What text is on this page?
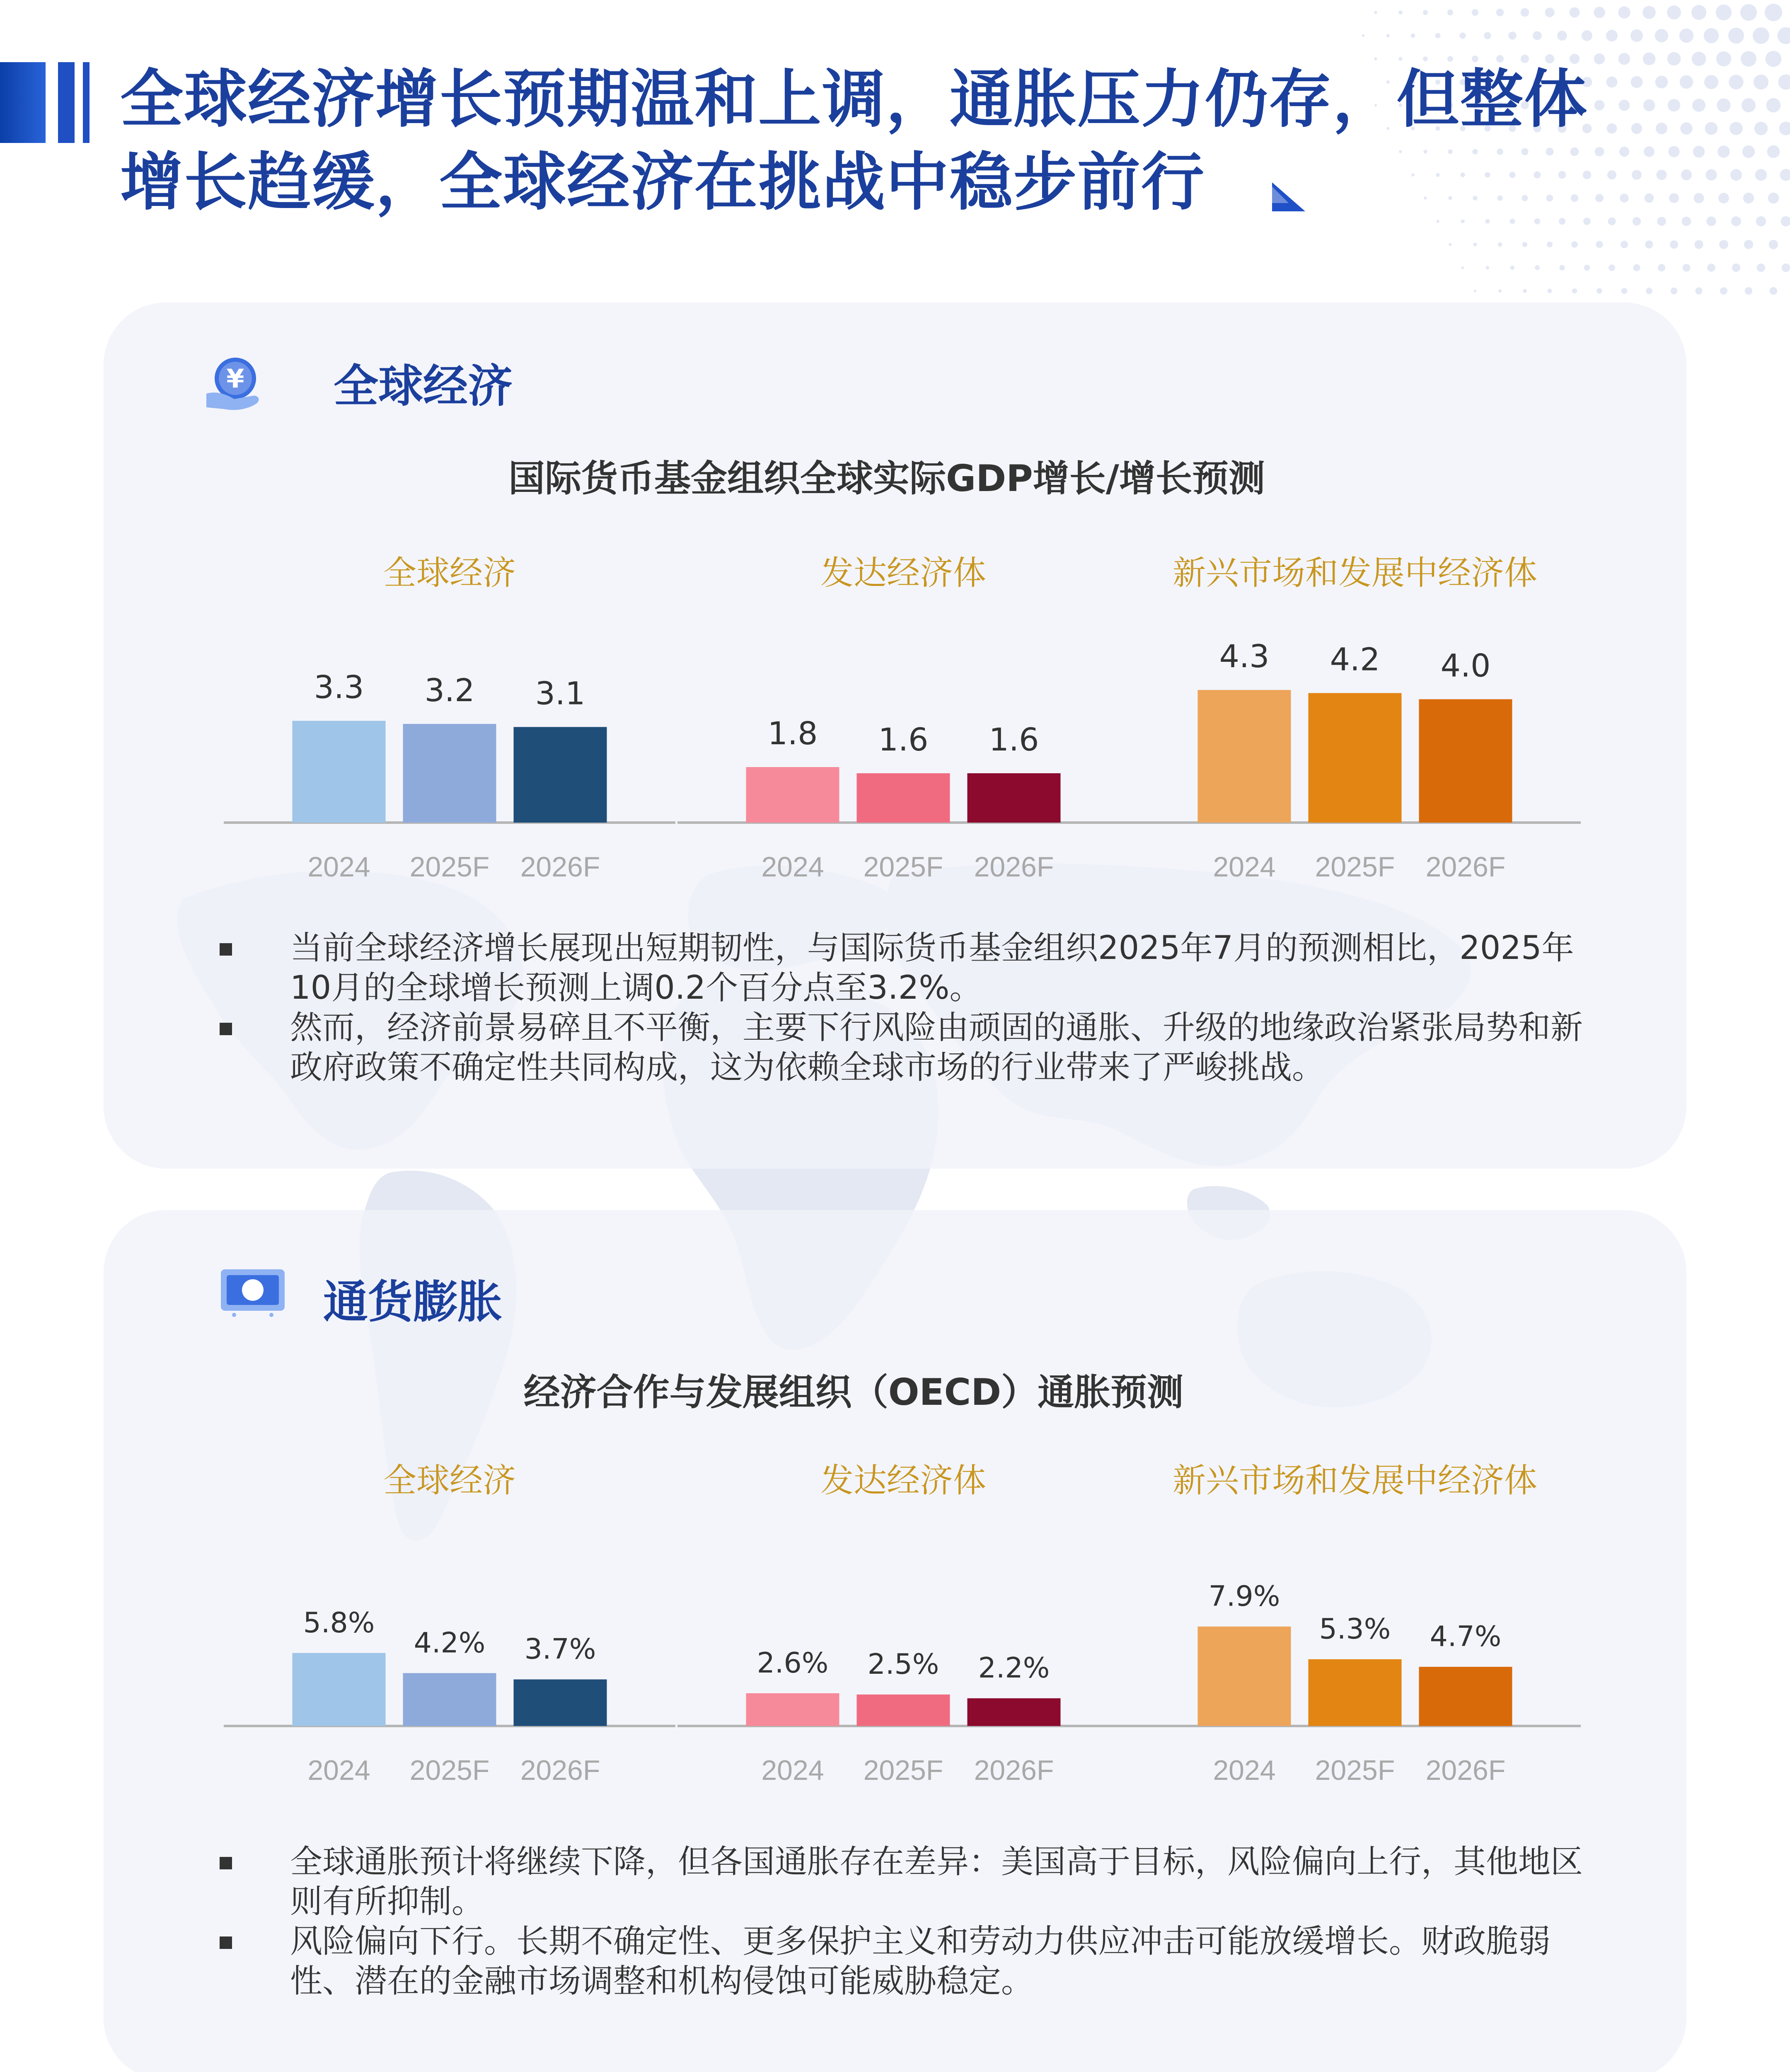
全球经济增长预期温和上调，通胀压力仍存，但整体
增长趋缓，全球经济在挑战中稳步前行
¥ 全球经济
国际货币基金组织全球实际GDP增长/增长预测
全球经济
3.3
2024
3.2
2025F
3.1
2026F
发达经济体
1.8
2024
1.6
2025F
1.6
2026F
新兴市场和发展中经济体
4.3
2024
4.2
2025F
4.0
2026F
当前全球经济增长展现出短期韧性，与国际货币基金组织2025年7月的预测相比，2025年10月的全球增长预测上调0.2个百分点至3.2%。
然而，经济前景易碎且不平衡，主要下行风险由顽固的通胀、升级的地缘政治紧张局势和新政府政策不确定性共同构成，这为依赖全球市场的行业带来了严峻挑战。
通货膨胀
经济合作与发展组织（OECD）通胀预测
全球经济
5.8%
2024
4.2%
2025F
3.7%
2026F
发达经济体
2.6%
2024
2.5%
2025F
2.2%
2026F
新兴市场和发展中经济体
7.9%
2024
5.3%
2025F
4.7%
2026F
全球通胀预计将继续下降，但各国通胀存在差异：美国高于目标，风险偏向上行，其他地区则有所抑制。
风险偏向下行。长期不确定性、更多保护主义和劳动力供应冲击可能放缓增长。财政脆弱性、潜在的金融市场调整和机构侵蚀可能威胁稳定。
